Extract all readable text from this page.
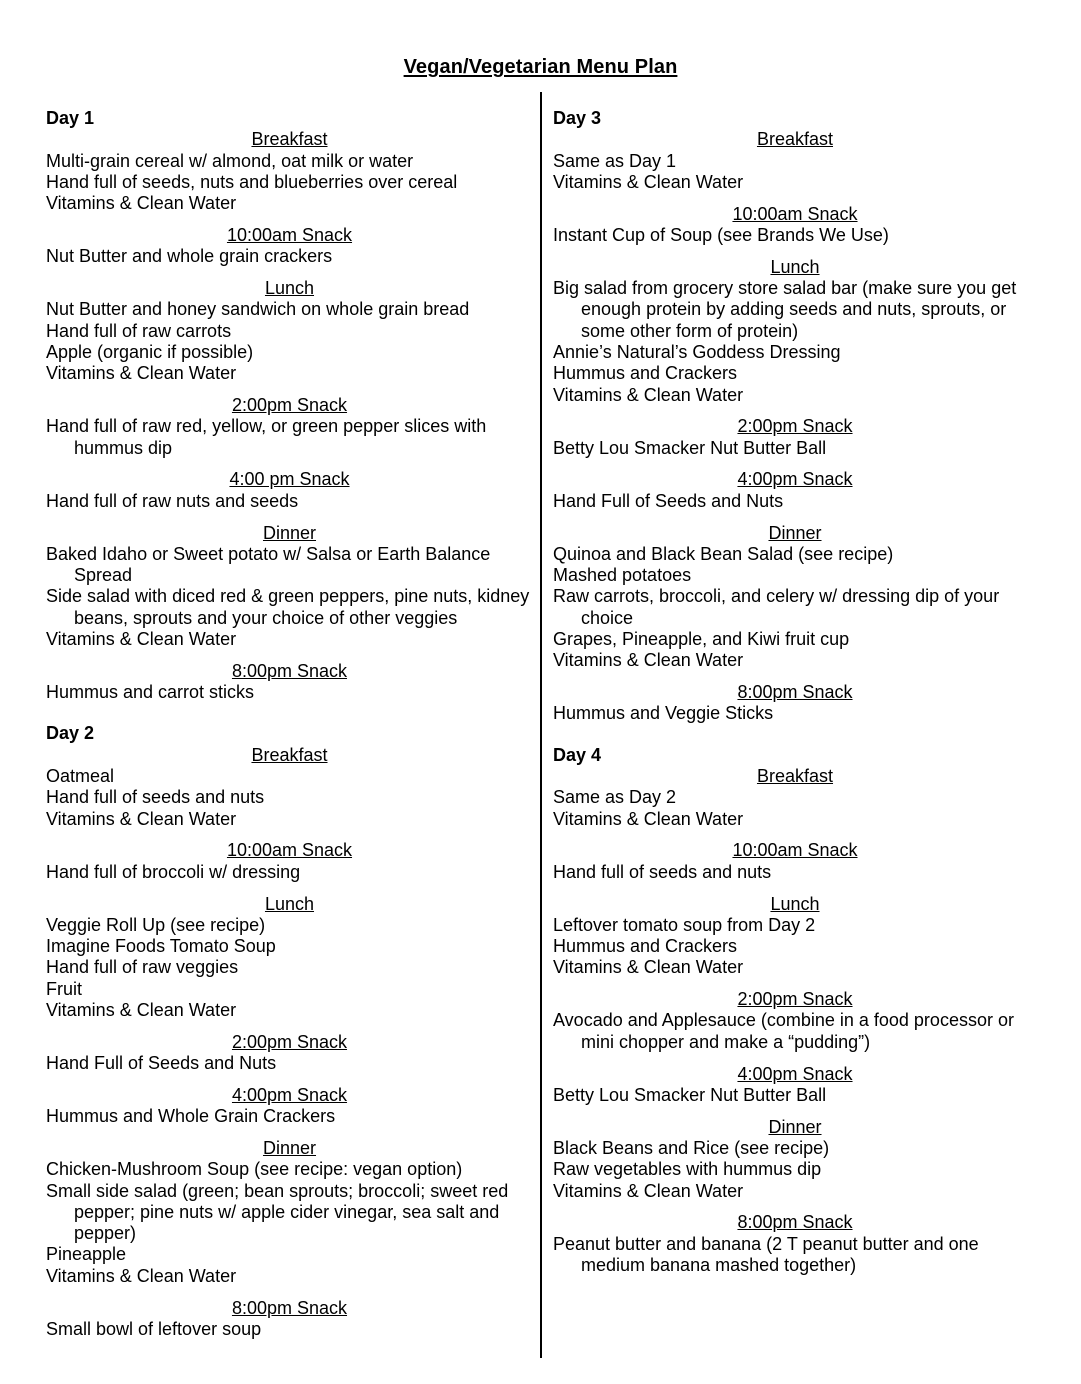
Vegan/Vegetarian Menu Plan
Day 1
Breakfast
Multi-grain cereal w/ almond, oat milk or water
Hand full of seeds, nuts and blueberries over cereal
Vitamins & Clean Water
10:00am Snack
Nut Butter and whole grain crackers
Lunch
Nut Butter and honey sandwich on whole grain bread
Hand full of raw carrots
Apple (organic if possible)
Vitamins & Clean Water
2:00pm Snack
Hand full of raw red, yellow, or green pepper slices with hummus dip
4:00 pm Snack
Hand full of raw nuts and seeds
Dinner
Baked Idaho or Sweet potato w/ Salsa or Earth Balance Spread
Side salad with diced red & green peppers, pine nuts, kidney beans, sprouts and your choice of other veggies
Vitamins & Clean Water
8:00pm Snack
Hummus and carrot sticks
Day 2
Breakfast
Oatmeal
Hand full of seeds and nuts
Vitamins & Clean Water
10:00am Snack
Hand full of broccoli w/ dressing
Lunch
Veggie Roll Up (see recipe)
Imagine Foods Tomato Soup
Hand full of raw veggies
Fruit
Vitamins & Clean Water
2:00pm Snack
Hand Full of Seeds and Nuts
4:00pm Snack
Hummus and Whole Grain Crackers
Dinner
Chicken-Mushroom Soup (see recipe: vegan option)
Small side salad (green; bean sprouts; broccoli; sweet red pepper; pine nuts w/ apple cider vinegar, sea salt and pepper)
Pineapple
Vitamins & Clean Water
8:00pm Snack
Small bowl of leftover soup
Day 3
Breakfast
Same as Day 1
Vitamins & Clean Water
10:00am Snack
Instant Cup of Soup (see Brands We Use)
Lunch
Big salad from grocery store salad bar (make sure you get enough protein by adding seeds and nuts, sprouts, or some other form of protein)
Annie’s Natural’s Goddess Dressing
Hummus and Crackers
Vitamins & Clean Water
2:00pm Snack
Betty Lou Smacker Nut Butter Ball
4:00pm Snack
Hand Full of Seeds and Nuts
Dinner
Quinoa and Black Bean Salad (see recipe)
Mashed potatoes
Raw carrots, broccoli, and celery w/ dressing dip of your choice
Grapes, Pineapple, and Kiwi fruit cup
Vitamins & Clean Water
8:00pm Snack
Hummus and Veggie Sticks
Day 4
Breakfast
Same as Day 2
Vitamins & Clean Water
10:00am Snack
Hand full of seeds and nuts
Lunch
Leftover tomato soup from Day 2
Hummus and Crackers
Vitamins & Clean Water
2:00pm Snack
Avocado and Applesauce (combine in a food processor or mini chopper and make a “pudding”)
4:00pm Snack
Betty Lou Smacker Nut Butter Ball
Dinner
Black Beans and Rice (see recipe)
Raw vegetables with hummus dip
Vitamins & Clean Water
8:00pm Snack
Peanut butter and banana (2 T peanut butter and one medium banana mashed together)
